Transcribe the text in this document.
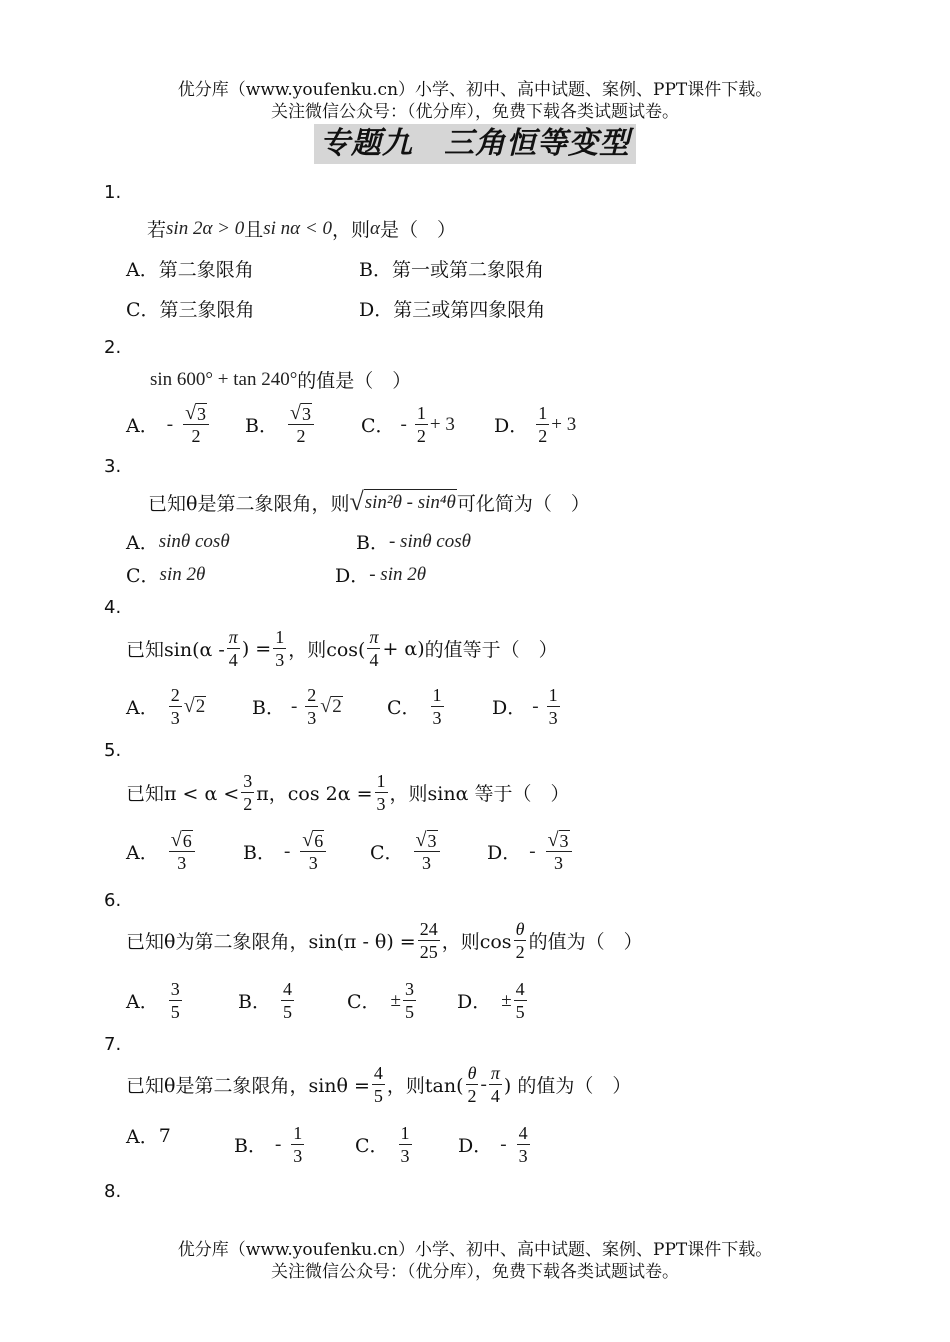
优分库（www.youfenku.cn）小学、初中、高中试题、案例、PPT课件下载。
关注微信公众号：（优分库），免费下载各类试题试卷。
专题九　三角恒等变型
1.
若 sin 2α > 0 且 si nα < 0 ，则 α 是（　）
A． 第二象限角	B． 第一或第二象限角
C． 第三象限角	D． 第三或第四象限角
2.
sin 600° + tan 240° 的值是（　）
A． - $\frac{√ 3}{2}$ B． $\frac{√ 3}{2}$ C． - $\frac{1}{2} + 3$ D． $\frac{1}{2} + 3$
3.
已知θ是第二象限角，则 √ sin²θ - sin⁴θ 可化简为（　）
A． sinθ cosθ	B． - sinθ cosθ
C． sin 2θ	D． - sin 2θ
4.
已知$\sin(\alpha - \frac{\pi}{4}$ ) = $\frac{1}{3}$ ，则$\cos( \frac{\pi}{4} + \alpha)$ 的值等于（　）
A． $\frac{2}{3}$ √ 2 B． - $\frac{2}{3}$ √ 2 C． $\frac{1}{3}$	D． - $\frac{1}{3}$
5.
已知$\pi < \alpha < \frac{3}{2}$ π，$\cos 2\alpha = \frac{1}{3}$ ，则sinα 等于（　）
A． $\frac{√ 6}{3}$	B． - $\frac{√ 6}{3}$ C． $\frac{√ 3}{3}$ D． - $\frac{√ 3}{3}$
6.
已知θ为第二象限角，$\sin(\pi - \theta) = \frac{24}{25}$ ，则$\cos \frac{\theta}{2}$ 的值为（　）
A． $\frac{3}{5}$	B． $\frac{4}{5}$	C． ± $\frac{3}{5}$ D． ± $\frac{4}{5}$
7.
已知θ是第二象限角，$\sin\theta = \frac{4}{5}$ ，则$\tan( \frac{\theta}{2} - \frac{\pi}{4}$ ) 的值为（　）
A． 7	B． - $\frac{1}{3}$	C． $\frac{1}{3}$ D． - $\frac{4}{3}$
8.
优分库（www.youfenku.cn）小学、初中、高中试题、案例、PPT课件下载。
关注微信公众号：（优分库），免费下载各类试题试卷。
